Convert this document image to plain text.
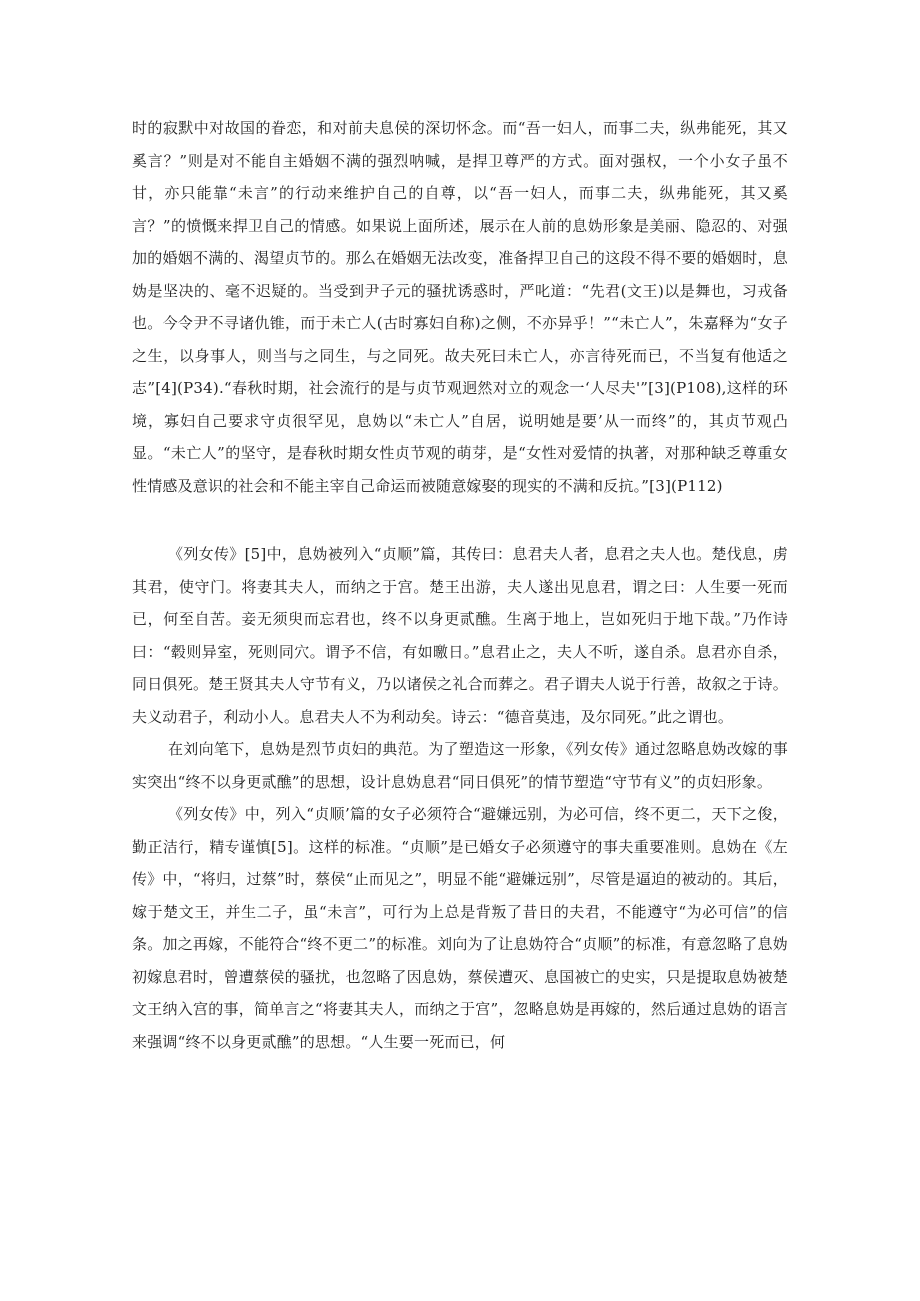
时的寂默中对故国的眷恋，和对前夫息侯的深切怀念。而“吾一妇人，而事二夫，纵弗能死，其又奚言？”则是对不能自主婚姻不满的强烈呐喊，是捍卫尊严的方式。面对强权，一个小女子虽不甘，亦只能靠“未言”的行动来维护自己的自尊，以“吾一妇人，而事二夫，纵弗能死，其又奚言？”的愤慨来捍卫自己的情感。如果说上面所述，展示在人前的息妫形象是美丽、隐忍的、对强加的婚姻不满的、渴望贞节的。那么在婚姻无法改变，准备捍卫自己的这段不得不要的婚姻时，息妫是坚决的、毫不迟疑的。当受到尹子元的骚扰诱惑时，严叱道：“先君(文王)以是舞也，习戎备也。今令尹不寻诸仇锥，而于未亡人(古时寡妇自称)之侧，不亦异乎！”“未亡人”，朱嘉释为“女子之生，以身事人，则当与之同生，与之同死。故夫死曰未亡人，亦言待死而已，不当复有他适之志”[4](P34).“春秋时期，社会流行的是与贞节观迥然对立的观念一‘人尽夫'”[3](P108),这样的环境，寡妇自己要求守贞很罕见，息妫以“未亡人”自居，说明她是要’从一而终”的，其贞节观凸显。“未亡人”的坚守，是春秋时期女性贞节观的萌芽，是“女性对爱情的执著，对那种缺乏尊重女性情感及意识的社会和不能主宰自己命运而被随意嫁娶的现实的不满和反抗。”[3](P112)

《列女传》[5]中，息妫被列入“贞顺”篇，其传曰：息君夫人者，息君之夫人也。楚伐息，虏其君，使守门。将妻其夫人，而纳之于宫。楚王出游，夫人遂出见息君，谓之曰：人生要一死而已，何至自苦。妾无须臾而忘君也，终不以身更贰醮。生离于地上，岂如死归于地下哉。”乃作诗曰：“毂则异室，死则同穴。谓予不信，有如曒日。”息君止之，夫人不听，遂自杀。息君亦自杀，同日俱死。楚王贤其夫人守节有义，乃以诸侯之礼合而葬之。君子谓夫人说于行善，故叙之于诗。夫义动君子，利动小人。息君夫人不为利动矣。诗云：“德音莫违，及尔同死。”此之谓也。

在刘向笔下，息妫是烈节贞妇的典范。为了塑造这一形象，《列女传》通过忽略息妫改嫁的事实突出“终不以身更贰醮”的思想，设计息妫息君“同日俱死”的情节塑造“守节有义”的贞妇形象。

《列女传》中，列入“贞顺’篇的女子必须符合“避嫌远别，为必可信，终不更二，天下之俊，勤正洁行，精专谨慎[5]。这样的标准。“贞顺”是已婚女子必须遵守的事夫重要准则。息妫在《左传》中，“将归，过蔡”时，蔡侯“止而见之”，明显不能“避嫌远别”，尽管是逼迫的被动的。其后，嫁于楚文王，并生二子，虽“未言”，可行为上总是背叛了昔日的夫君，不能遵守“为必可信”的信条。加之再嫁，不能符合“终不更二”的标准。刘向为了让息妫符合“贞顺”的标准，有意忽略了息妫初嫁息君时，曾遭蔡侯的骚扰，也忽略了因息妫，蔡侯遭灭、息国被亡的史实，只是提取息妫被楚文王纳入宫的事，简单言之“将妻其夫人，而纳之于宫”，忽略息妫是再嫁的，然后通过息妫的语言来强调“终不以身更贰醮”的思想。“人生要一死而已，何
